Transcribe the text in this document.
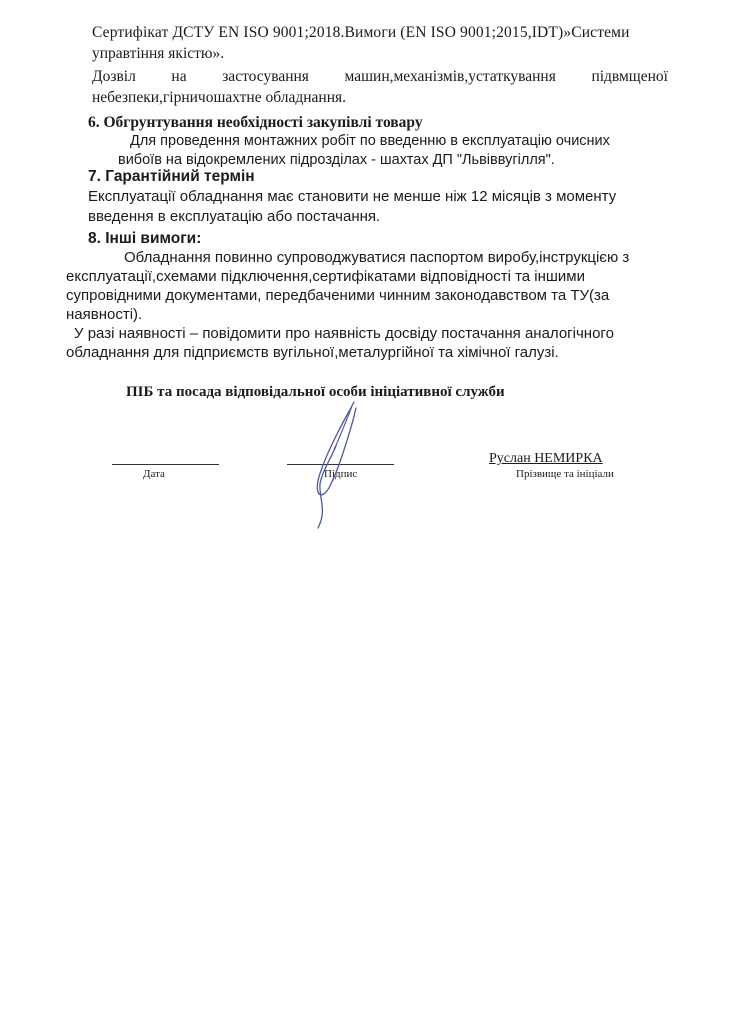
Сертифікат ДСТУ EN ISO 9001;2018.Вимоги (EN ISO 9001;2015,IDT)»Системи
управтіння якістю».
Дозвіл на застосування машин,механізмів,устаткування підвмщеної
небезпеки,гірничошахтне обладнання.
6. Обгрунтування необхідності закупівлі товару
Для проведення монтажних робіт по введенню в експлуатацію очисних
вибоїв на відокремлених підрозділах - шахтах ДП "Львіввугілля".
7. Гарантійний термін
Експлуатації обладнання має становити не менше ніж 12 місяців з моменту
введення в експлуатацію або постачання.
8. Інші вимоги:
Обладнання повинно супроводжуватися паспортом виробу,інструкцією з
експлуатації,схемами підключення,сертифікатами відповідності та іншими
супровідними документами, передбаченими чинним законодавством та ТУ(за
наявності).
У разі наявності – повідомити про наявність досвіду постачання аналогічного
обладнання для підприємств вугільної,металургійної та хімічної галузі.
ПІБ та посада відповідальної особи ініціативної служби
Руслан НЕМИРКА
Дата	Підпис	Прізвище та ініціали
